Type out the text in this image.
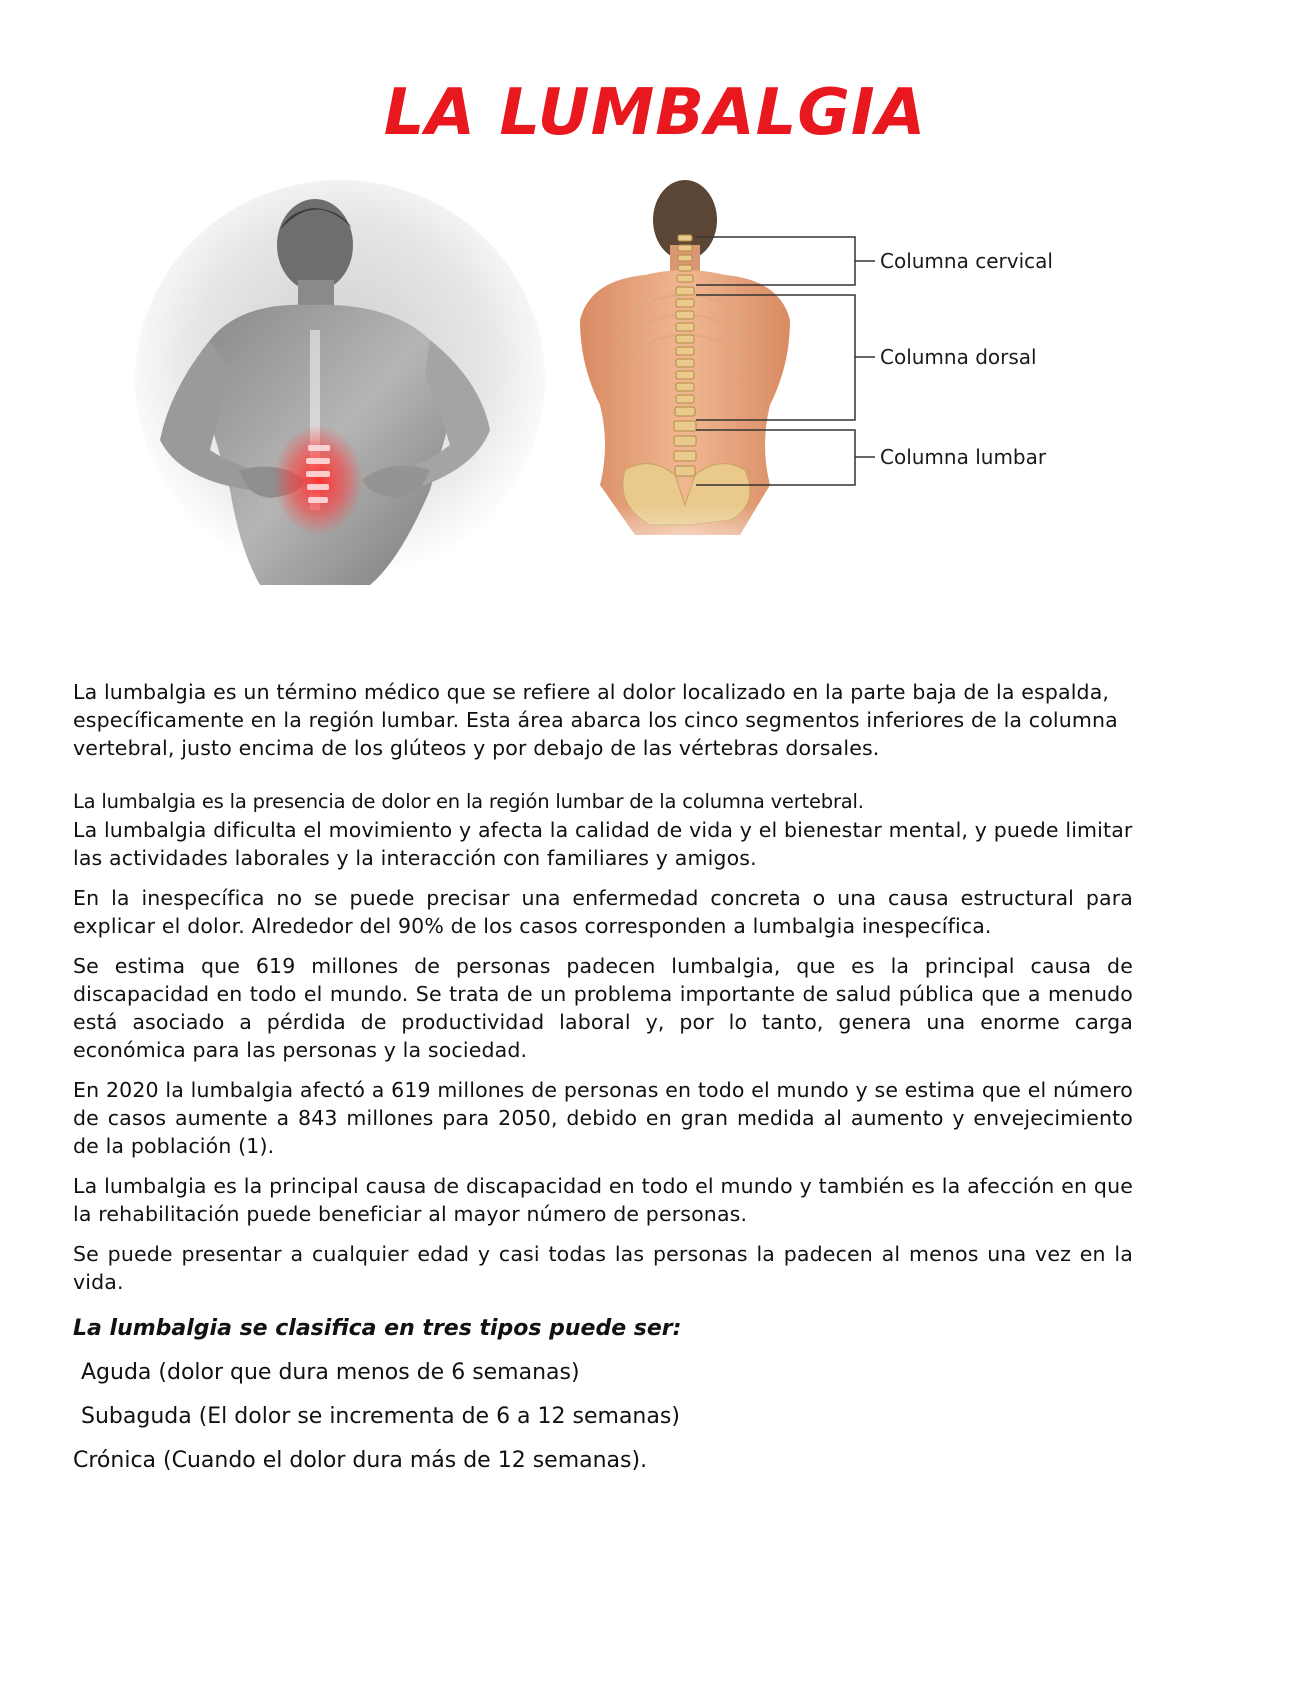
LA LUMBALGIA
Columna cervical
Columna dorsal
Columna lumbar

La lumbalgia es un término médico que se refiere al dolor localizado en la parte baja de la espalda, específicamente en la región lumbar. Esta área abarca los cinco segmentos inferiores de la columna vertebral, justo encima de los glúteos y por debajo de las vértebras dorsales.

La lumbalgia es la presencia de dolor en la región lumbar de la columna vertebral.

La lumbalgia dificulta el movimiento y afecta la calidad de vida y el bienestar mental, y puede limitar las actividades laborales y la interacción con familiares y amigos.

En la inespecífica no se puede precisar una enfermedad concreta o una causa estructural para explicar el dolor. Alrededor del 90% de los casos corresponden a lumbalgia inespecífica.

Se estima que 619 millones de personas padecen lumbalgia, que es la principal causa de discapacidad en todo el mundo. Se trata de un problema importante de salud pública que a menudo está asociado a pérdida de productividad laboral y, por lo tanto, genera una enorme carga económica para las personas y la sociedad.

En 2020 la lumbalgia afectó a 619 millones de personas en todo el mundo y se estima que el número de casos aumente a 843 millones para 2050, debido en gran medida al aumento y envejecimiento de la población (1).

La lumbalgia es la principal causa de discapacidad en todo el mundo y también es la afección en que la rehabilitación puede beneficiar al mayor número de personas.

Se puede presentar a cualquier edad y casi todas las personas la padecen al menos una vez en la vida.

La lumbalgia se clasifica en tres tipos puede ser:

Aguda (dolor que dura menos de 6 semanas)

Subaguda (El dolor se incrementa de 6 a 12 semanas)

Crónica (Cuando el dolor dura más de 12 semanas).
